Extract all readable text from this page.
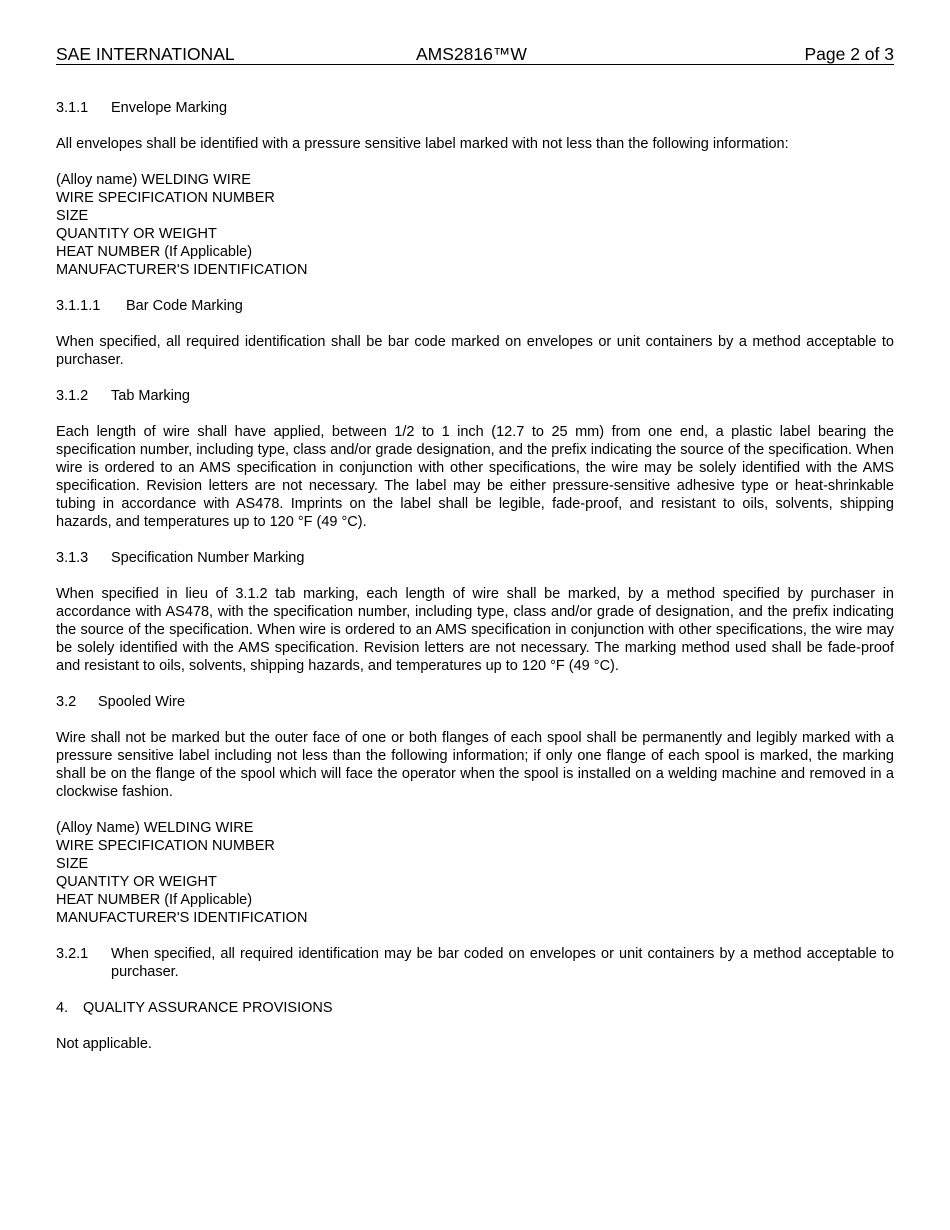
SAE INTERNATIONAL	AMS2816™W	Page 2 of 3
3.1.1 Envelope Marking
All envelopes shall be identified with a pressure sensitive label marked with not less than the following information:
(Alloy name) WELDING WIRE
WIRE SPECIFICATION NUMBER
SIZE
QUANTITY OR WEIGHT
HEAT NUMBER (If Applicable)
MANUFACTURER'S IDENTIFICATION
3.1.1.1 Bar Code Marking
When specified, all required identification shall be bar code marked on envelopes or unit containers by a method acceptable to purchaser.
3.1.2 Tab Marking
Each length of wire shall have applied, between 1/2 to 1 inch (12.7 to 25 mm) from one end, a plastic label bearing the specification number, including type, class and/or grade designation, and the prefix indicating the source of the specification. When wire is ordered to an AMS specification in conjunction with other specifications, the wire may be solely identified with the AMS specification. Revision letters are not necessary. The label may be either pressure-sensitive adhesive type or heat-shrinkable tubing in accordance with AS478. Imprints on the label shall be legible, fade-proof, and resistant to oils, solvents, shipping hazards, and temperatures up to 120 °F (49 °C).
3.1.3 Specification Number Marking
When specified in lieu of 3.1.2 tab marking, each length of wire shall be marked, by a method specified by purchaser in accordance with AS478, with the specification number, including type, class and/or grade of designation, and the prefix indicating the source of the specification. When wire is ordered to an AMS specification in conjunction with other specifications, the wire may be solely identified with the AMS specification. Revision letters are not necessary. The marking method used shall be fade-proof and resistant to oils, solvents, shipping hazards, and temperatures up to 120 °F (49 °C).
3.2 Spooled Wire
Wire shall not be marked but the outer face of one or both flanges of each spool shall be permanently and legibly marked with a pressure sensitive label including not less than the following information; if only one flange of each spool is marked, the marking shall be on the flange of the spool which will face the operator when the spool is installed on a welding machine and removed in a clockwise fashion.
(Alloy Name) WELDING WIRE
WIRE SPECIFICATION NUMBER
SIZE
QUANTITY OR WEIGHT
HEAT NUMBER (If Applicable)
MANUFACTURER'S IDENTIFICATION
3.2.1 When specified, all required identification may be bar coded on envelopes or unit containers by a method acceptable to purchaser.
4. QUALITY ASSURANCE PROVISIONS
Not applicable.
